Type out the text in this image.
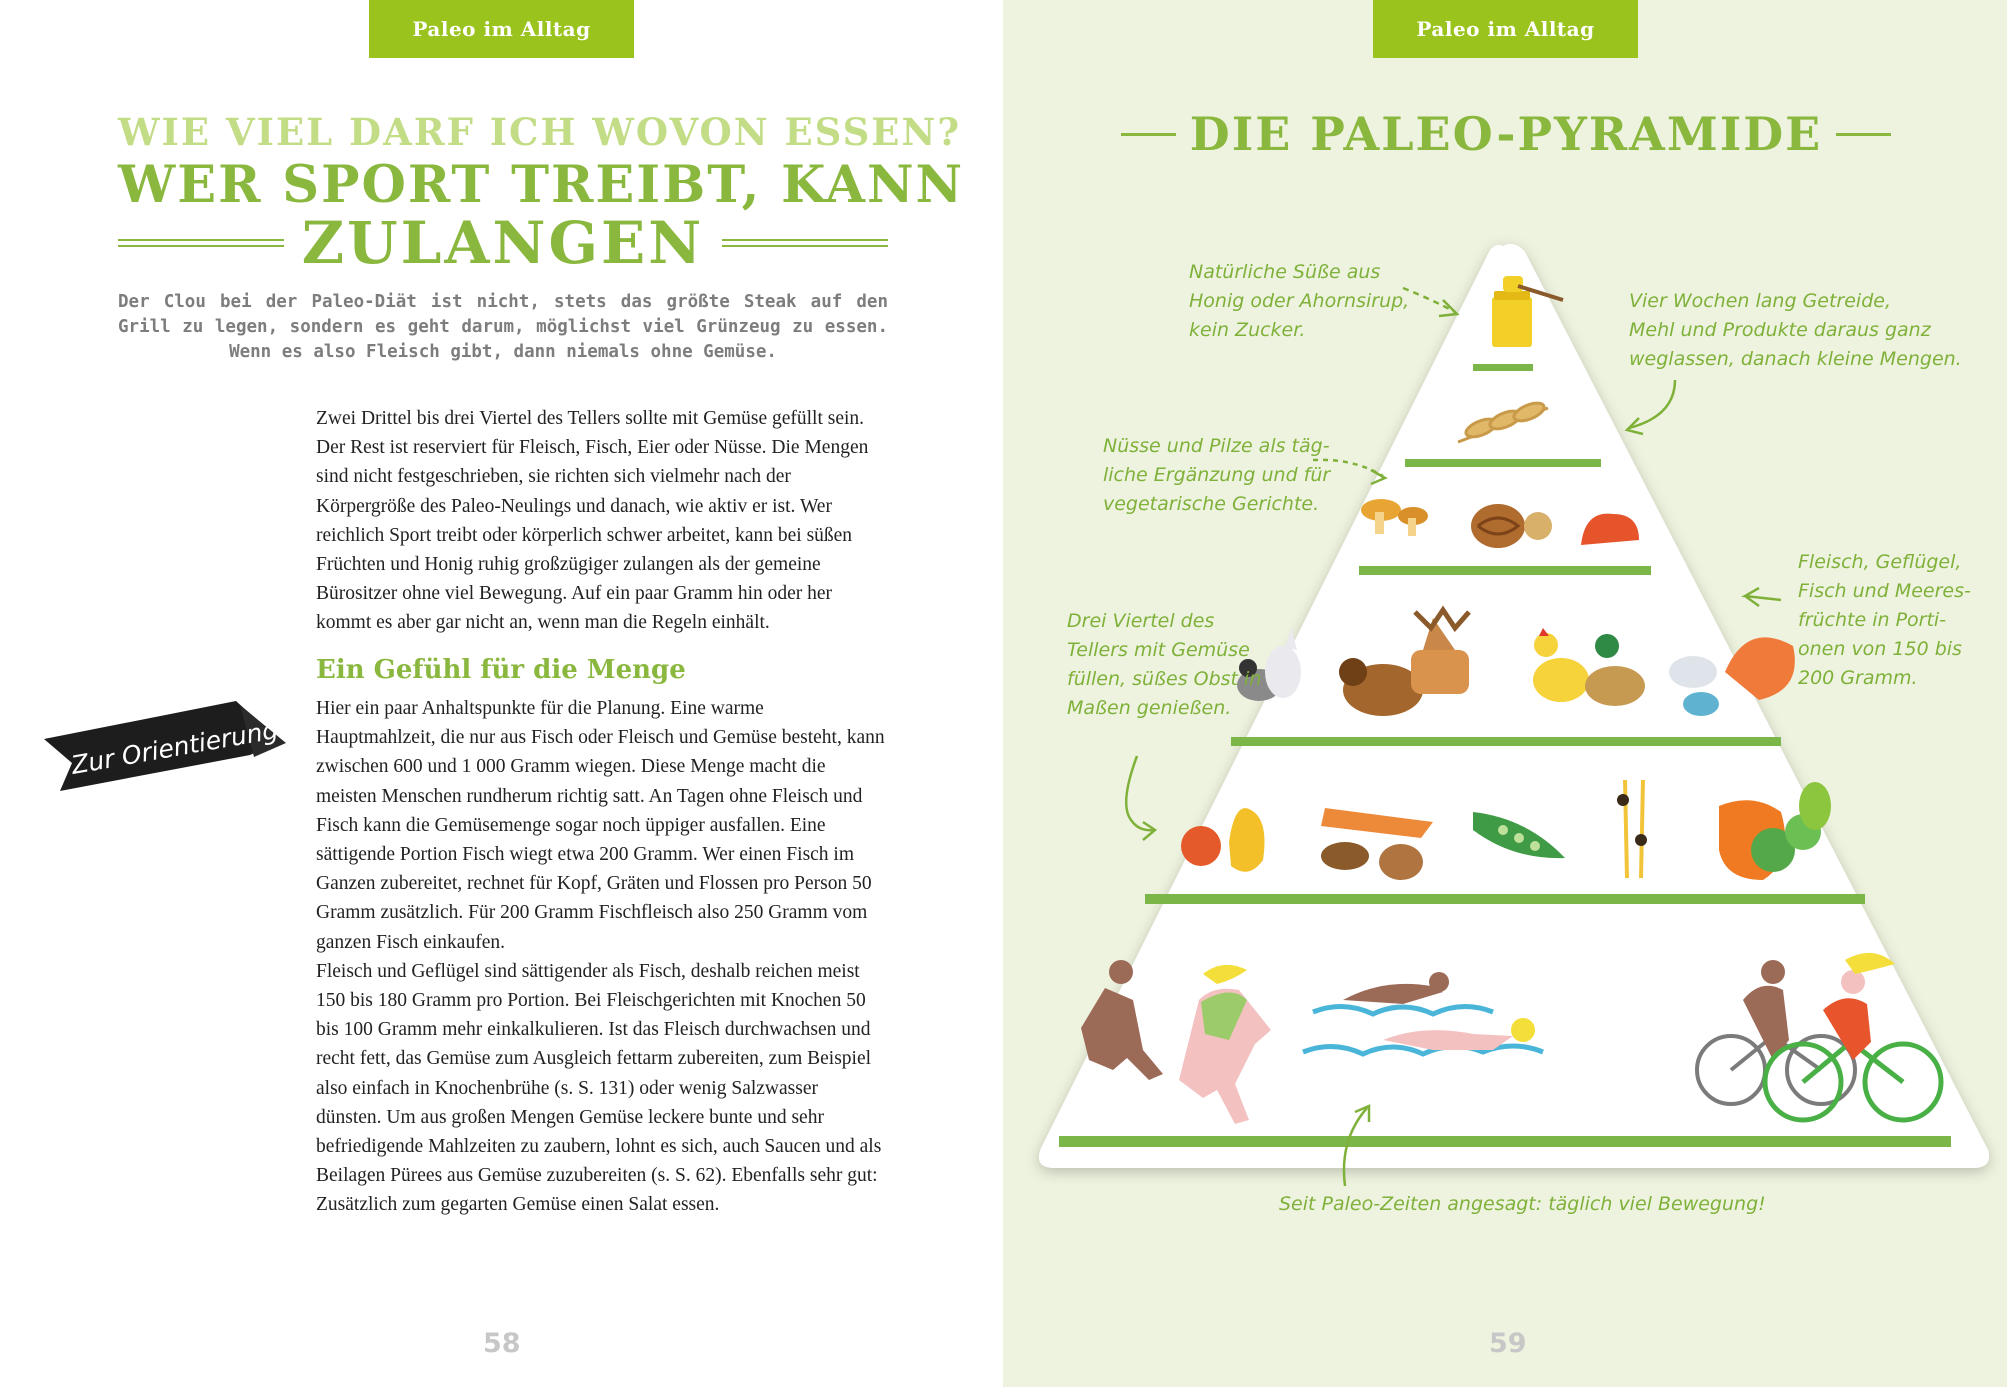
Paleo im Alltag
WIE VIEL DARF ICH WOVON ESSEN?
WER SPORT TREIBT, KANN
ZULANGEN
Der Clou bei der Paleo-Diät ist nicht, stets das größte Steak auf den Grill zu legen, sondern es geht darum, möglichst viel Grünzeug zu essen. Wenn es also Fleisch gibt, dann niemals ohne Gemüse.

Zwei Drittel bis drei Viertel des Tellers sollte mit Gemüse gefüllt sein. Der Rest ist reserviert für Fleisch, Fisch, Eier oder Nüsse. Die Mengen sind nicht festgeschrieben, sie richten sich vielmehr nach der Körpergröße des Paleo-Neulings und danach, wie aktiv er ist. Wer reichlich Sport treibt oder körperlich schwer arbeitet, kann bei süßen Früchten und Honig ruhig großzügiger zulangen als der gemeine Bürositzer ohne viel Bewegung. Auf ein paar Gramm hin oder her kommt es aber gar nicht an, wenn man die Regeln einhält.

Ein Gefühl für die Menge
Zur Orientierung

Hier ein paar Anhaltspunkte für die Planung. Eine warme Hauptmahlzeit, die nur aus Fisch oder Fleisch und Gemüse besteht, kann zwischen 600 und 1 000 Gramm wiegen. Diese Menge macht die meisten Menschen rundherum richtig satt. An Tagen ohne Fleisch und Fisch kann die Gemüsemenge sogar noch üppiger ausfallen. Eine sättigende Portion Fisch wiegt etwa 200 Gramm. Wer einen Fisch im Ganzen zubereitet, rechnet für Kopf, Gräten und Flossen pro Person 50 Gramm zusätzlich. Für 200 Gramm Fischfleisch also 250 Gramm vom ganzen Fisch einkaufen.

Fleisch und Geflügel sind sättigender als Fisch, deshalb reichen meist 150 bis 180 Gramm pro Portion. Bei Fleischgerichten mit Knochen 50 bis 100 Gramm mehr einkalkulieren. Ist das Fleisch durchwachsen und recht fett, das Gemüse zum Ausgleich fettarm zubereiten, zum Beispiel also einfach in Knochenbrühe (s. S. 131) oder wenig Salzwasser dünsten. Um aus großen Mengen Gemüse leckere bunte und sehr befriedigende Mahlzeiten zu zaubern, lohnt es sich, auch Saucen und als Beilagen Pürees aus Gemüse zuzubereiten (s. S. 62). Ebenfalls sehr gut: Zusätzlich zum gegarten Gemüse einen Salat essen.

58
Paleo im Alltag
DIE PALEO-PYRAMIDE
Natürliche Süße aus
Honig oder Ahornsirup,
kein Zucker.
Vier Wochen lang Getreide,
Mehl und Produkte daraus ganz
weglassen, danach kleine Mengen.
Nüsse und Pilze als täg-
liche Ergänzung und für
vegetarische Gerichte.
Fleisch, Geflügel,
Fisch und Meeres-
früchte in Porti-
onen von 150 bis
200 Gramm.
Drei Viertel des
Tellers mit Gemüse
füllen, süßes Obst in
Maßen genießen.
Seit Paleo-Zeiten angesagt: täglich viel Bewegung!
59
